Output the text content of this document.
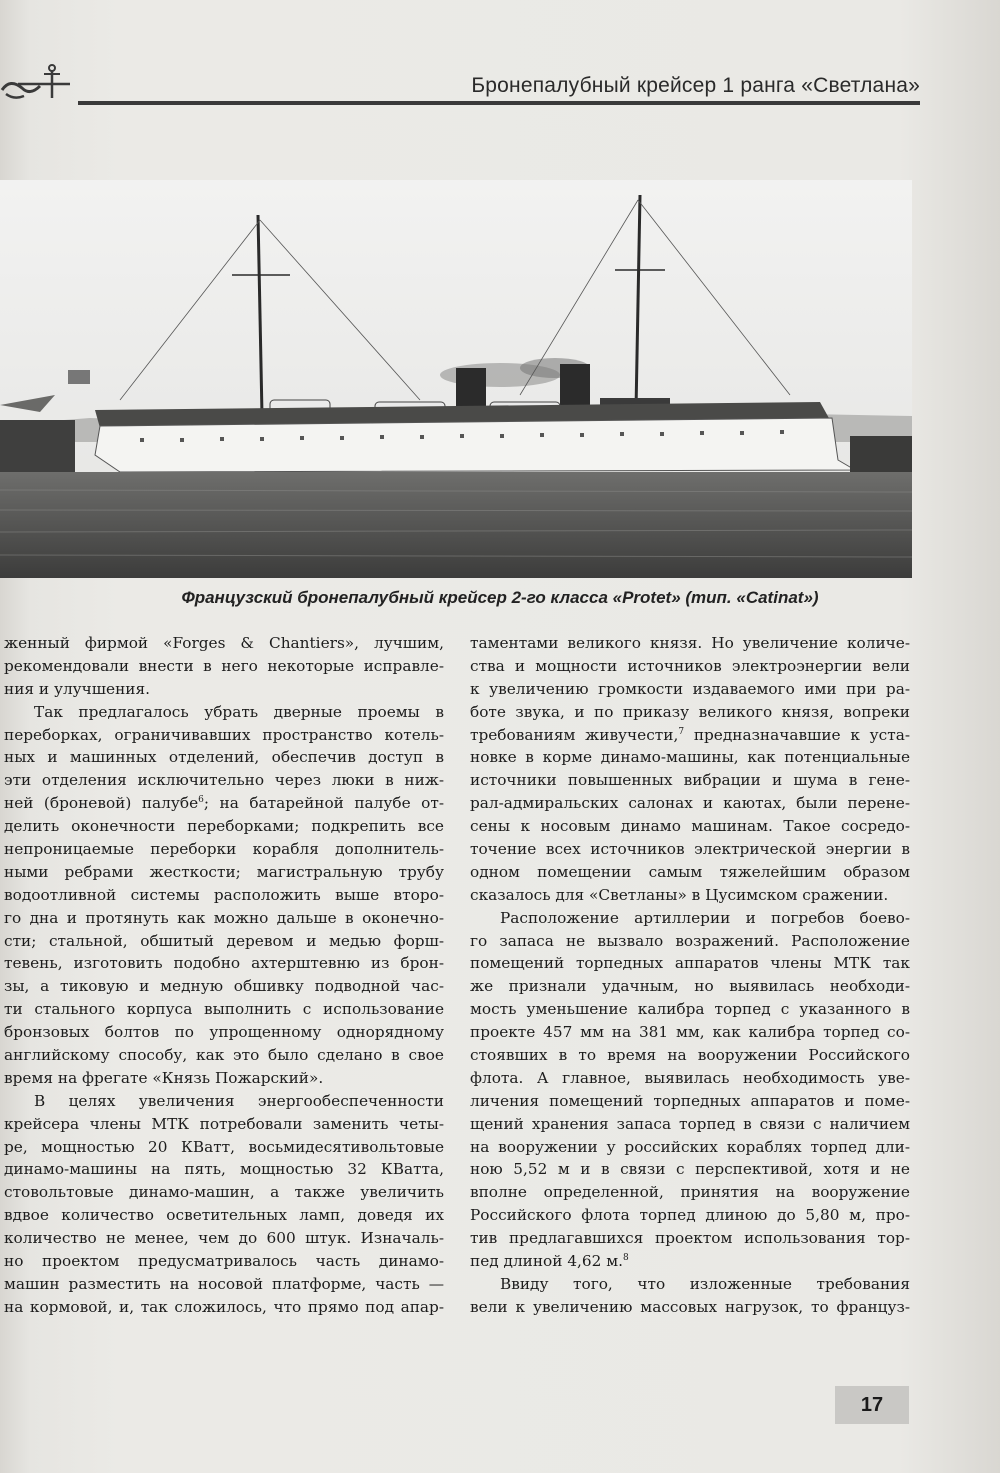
Бронепалубный крейсер 1 ранга «Светлана»
Французский бронепалубный крейсер 2-го класса «Protet» (тип. «Catinat»)
женный фирмой «Forges & Chantiers», лучшим,
рекомендовали внести в него некоторые исправле-
ния и улучшения.
Так предлагалось убрать дверные проемы в
переборках, ограничивавших пространство котель-
ных и машинных отделений, обеспечив доступ в
эти отделения исключительно через люки в ниж-
ней (броневой) палубе$^6$; на батарейной палубе от-
делить оконечности переборками; подкрепить все
непроницаемые переборки корабля дополнитель-
ными ребрами жесткости; магистральную трубу
водоотливной системы расположить выше второ-
го дна и протянуть как можно дальше в оконечно-
сти; стальной, обшитый деревом и медью форш-
тевень, изготовить подобно ахтерштевню из брон-
зы, а тиковую и медную обшивку подводной час-
ти стального корпуса выполнить с использование
бронзовых болтов по упрощенному однорядному
английскому способу, как это было сделано в свое
время на фрегате «Князь Пожарский».
В целях увеличения энергообеспеченности
крейсера члены МТК потребовали заменить четы-
ре, мощностью 20 КВатт, восьмидесятивольтовые
динамо-машины на пять, мощностью 32 КВатта,
стовольтовые динамо-машин, а также увеличить
вдвое количество осветительных ламп, доведя их
количество не менее, чем до 600 штук. Изначаль-
но проектом предусматривалось часть динамо-
машин разместить на носовой платформе, часть —
на кормовой, и, так сложилось, что прямо под апар-
таментами великого князя. Но увеличение количе-
ства и мощности источников электроэнергии вели
к увеличению громкости издаваемого ими при ра-
боте звука, и по приказу великого князя, вопреки
требованиям живучести,$^7$ предназначавшие к уста-
новке в корме динамо-машины, как потенциальные
источники повышенных вибрации и шума в гене-
рал-адмиральских салонах и каютах, были перене-
сены к носовым динамо машинам. Такое сосредо-
точение всех источников электрической энергии в
одном помещении самым тяжелейшим образом
сказалось для «Светланы» в Цусимском сражении.
Расположение артиллерии и погребов боево-
го запаса не вызвало возражений. Расположение
помещений торпедных аппаратов члены МТК так
же признали удачным, но выявилась необходи-
мость уменьшение калибра торпед с указанного в
проекте 457 мм на 381 мм, как калибра торпед со-
стоявших в то время на вооружении Российского
флота. А главное, выявилась необходимость уве-
личения помещений торпедных аппаратов и поме-
щений хранения запаса торпед в связи с наличием
на вооружении у российских кораблях торпед дли-
ною 5,52 м и в связи с перспективой, хотя и не
вполне определенной, принятия на вооружение
Российского флота торпед длиною до 5,80 м, про-
тив предлагавшихся проектом использования тор-
пед длиной 4,62 м.$^8$
Ввиду того, что изложенные требования
вели к увеличению массовых нагрузок, то француз-
17
